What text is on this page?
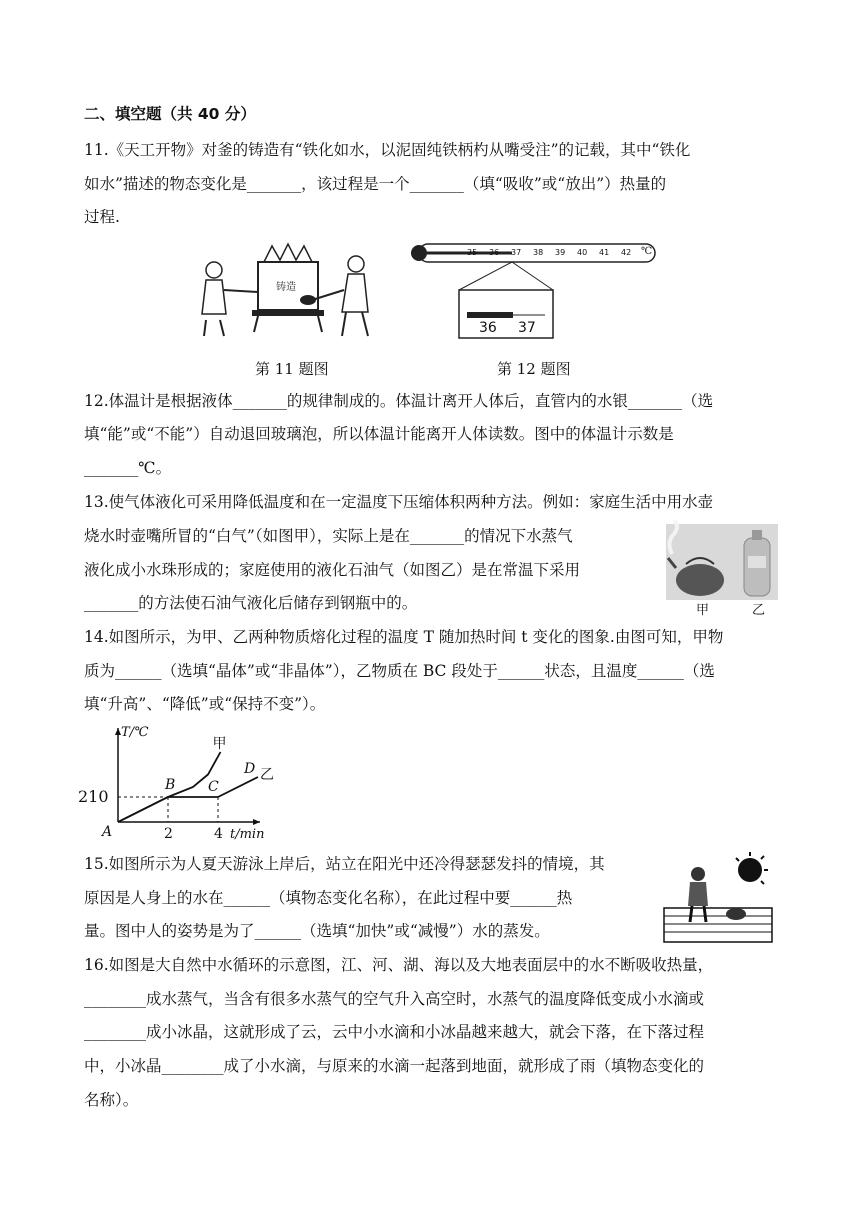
二、填空题（共 40 分）
11.《天工开物》对釜的铸造有“铁化如水，以泥固纯铁柄杓从嘴受注”的记载，其中“铁化
如水”描述的物态变化是_______，该过程是一个_______（填“吸收”或“放出”）热量的
过程.
铸造
35 36 37 38 39 40 41 42 ℃
36 37
第 11 题图	第 12 题图
12.体温计是根据液体_______的规律制成的。体温计离开人体后，直管内的水银_______（选
填“能”或“不能”）自动退回玻璃泡，所以体温计能离开人体读数。图中的体温计示数是
_______℃。
13.使气体液化可采用降低温度和在一定温度下压缩体积两种方法。例如：家庭生活中用水壶
烧水时壶嘴所冒的“白气”（如图甲），实际上是在_______的情况下水蒸气
液化成小水珠形成的；家庭使用的液化石油气（如图乙）是在常温下采用
_______的方法使石油气液化后储存到钢瓶中的。	甲	乙
14.如图所示，为甲、乙两种物质熔化过程的温度 T 随加热时间 t 变化的图象.由图可知，甲物
质为______（选填“晶体”或“非晶体”），乙物质在 BC 段处于______状态，且温度______（选
填“升高”、“降低”或“保持不变”）。
甲
乙
A
B C
D
2	4
210
T/℃
t/min
15.如图所示为人夏天游泳上岸后，站立在阳光中还冷得瑟瑟发抖的情境，其
原因是人身上的水在______（填物态变化名称），在此过程中要______热
量。图中人的姿势是为了______（选填“加快”或“减慢”）水的蒸发。
16.如图是大自然中水循环的示意图，江、河、湖、海以及大地表面层中的水不断吸收热量，
________成水蒸气，当含有很多水蒸气的空气升入高空时，水蒸气的温度降低变成小水滴或
________成小冰晶，这就形成了云，云中小水滴和小冰晶越来越大，就会下落，在下落过程
中，小冰晶________成了小水滴，与原来的水滴一起落到地面，就形成了雨（填物态变化的
名称）。
